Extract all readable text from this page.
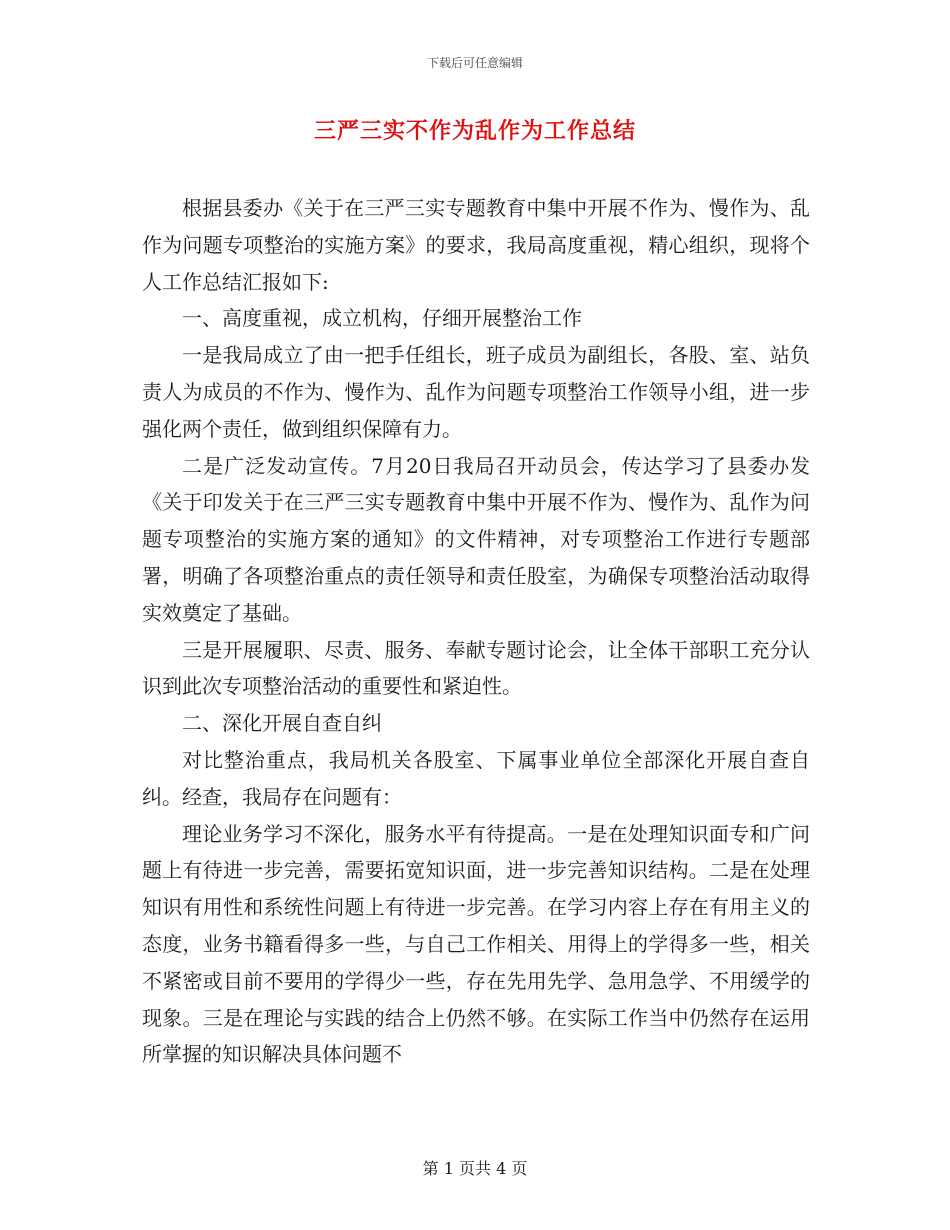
下载后可任意编辑
三严三实不作为乱作为工作总结

根据县委办《关于在三严三实专题教育中集中开展不作为、慢作为、乱作为问题专项整治的实施方案》的要求，我局高度重视，精心组织，现将个人工作总结汇报如下:

一、高度重视，成立机构，仔细开展整治工作

一是我局成立了由一把手任组长，班子成员为副组长，各股、室、站负责人为成员的不作为、慢作为、乱作为问题专项整治工作领导小组，进一步强化两个责任，做到组织保障有力。

二是广泛发动宣传。7月20日我局召开动员会，传达学习了县委办发《关于印发关于在三严三实专题教育中集中开展不作为、慢作为、乱作为问题专项整治的实施方案的通知》的文件精神，对专项整治工作进行专题部署，明确了各项整治重点的责任领导和责任股室，为确保专项整治活动取得实效奠定了基础。

三是开展履职、尽责、服务、奉献专题讨论会，让全体干部职工充分认识到此次专项整治活动的重要性和紧迫性。

二、深化开展自查自纠

对比整治重点，我局机关各股室、下属事业单位全部深化开展自查自纠。经查，我局存在问题有：

理论业务学习不深化，服务水平有待提高。一是在处理知识面专和广问题上有待进一步完善，需要拓宽知识面，进一步完善知识结构。二是在处理知识有用性和系统性问题上有待进一步完善。在学习内容上存在有用主义的态度，业务书籍看得多一些，与自己工作相关、用得上的学得多一些，相关不紧密或目前不要用的学得少一些，存在先用先学、急用急学、不用缓学的现象。三是在理论与实践的结合上仍然不够。在实际工作当中仍然存在运用所掌握的知识解决具体问题不

第 1 页共 4 页
